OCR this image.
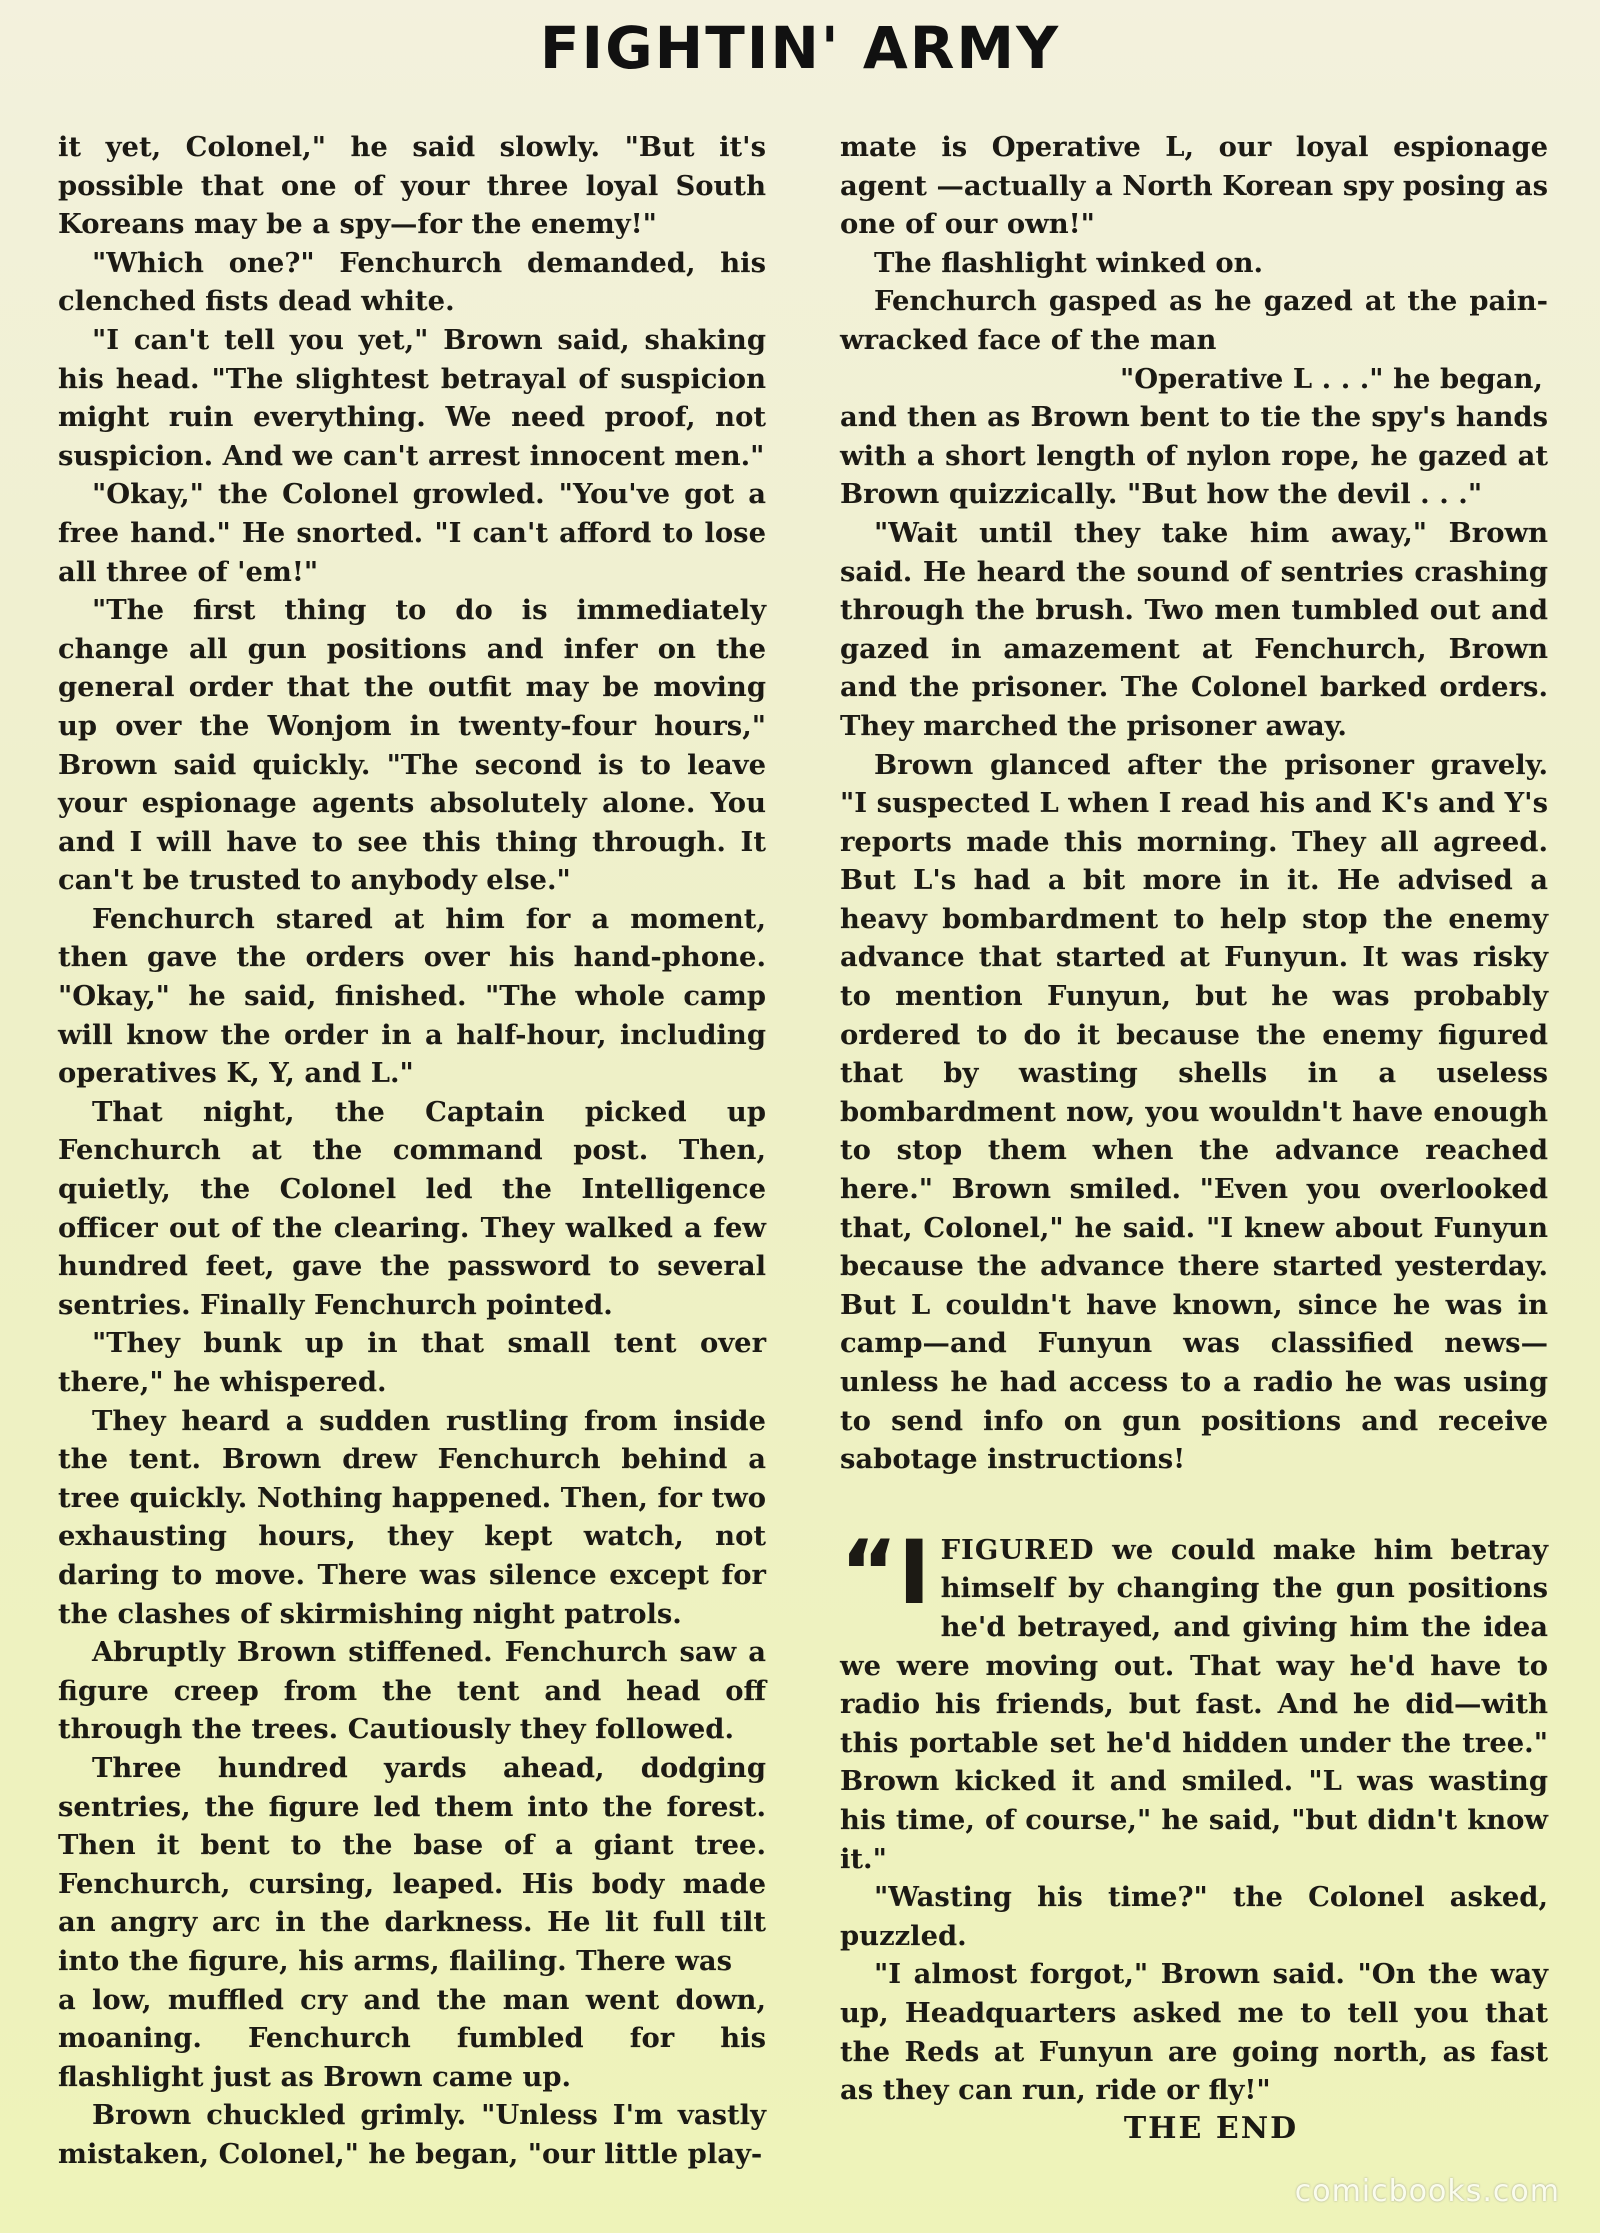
FIGHTIN' ARMY

it yet, Colonel," he said slowly. "But it's possible that one of your three loyal South Koreans may be a spy—for the enemy!"

"Which one?" Fenchurch demanded, his clenched fists dead white.

"I can't tell you yet," Brown said, shaking his head. "The slightest betrayal of suspicion might ruin everything. We need proof, not suspicion. And we can't arrest innocent men."

"Okay," the Colonel growled. "You've got a free hand." He snorted. "I can't afford to lose all three of 'em!"

"The first thing to do is immediately change all gun positions and infer on the general order that the outfit may be moving up over the Wonjom in twenty-four hours," Brown said quickly. "The second is to leave your espionage agents absolutely alone. You and I will have to see this thing through. It can't be trusted to anybody else."

Fenchurch stared at him for a moment, then gave the orders over his hand-phone. "Okay," he said, finished. "The whole camp will know the order in a half-hour, including operatives K, Y, and L."

That night, the Captain picked up Fenchurch at the command post. Then, quietly, the Colonel led the Intelligence officer out of the clearing. They walked a few hundred feet, gave the password to several sentries. Finally Fenchurch pointed.

"They bunk up in that small tent over there," he whispered.

They heard a sudden rustling from inside the tent. Brown drew Fenchurch behind a tree quickly. Nothing happened. Then, for two exhausting hours, they kept watch, not daring to move. There was silence except for the clashes of skirmishing night patrols.

Abruptly Brown stiffened. Fenchurch saw a figure creep from the tent and head off through the trees. Cautiously they followed.

Three hundred yards ahead, dodging sentries, the figure led them into the forest. Then it bent to the base of a giant tree. Fenchurch, cursing, leaped. His body made an angry arc in the darkness. He lit full tilt into the figure, his arms, flailing. There was

a low, muffled cry and the man went down, moaning. Fenchurch fumbled for his flashlight just as Brown came up.

Brown chuckled grimly. "Unless I'm vastly mistaken, Colonel," he began, "our little play-

mate is Operative L, our loyal espionage agent —actually a North Korean spy posing as one of our own!"

The flashlight winked on.

Fenchurch gasped as he gazed at the pain-wracked face of the man

"Operative L . . ." he began,

and then as Brown bent to tie the spy's hands with a short length of nylon rope, he gazed at Brown quizzically. "But how the devil . . ."

"Wait until they take him away," Brown said. He heard the sound of sentries crashing through the brush. Two men tumbled out and gazed in amazement at Fenchurch, Brown and the prisoner. The Colonel barked orders. They marched the prisoner away.

Brown glanced after the prisoner gravely. "I suspected L when I read his and K's and Y's reports made this morning. They all agreed. But L's had a bit more in it. He advised a heavy bombardment to help stop the enemy advance that started at Funyun. It was risky to mention Funyun, but he was probably ordered to do it because the enemy figured that by wasting shells in a useless bombardment now, you wouldn't have enough to stop them when the advance reached here." Brown smiled. "Even you overlooked that, Colonel," he said. "I knew about Funyun because the advance there started yesterday. But L couldn't have known, since he was in camp—and Funyun was classified news—unless he had access to a radio he was using to send info on gun positions and receive sabotage instructions!

“I FIGURED we could make him betray himself by changing the gun positions he'd betrayed, and giving him the idea we were moving out. That way he'd have to radio his friends, but fast. And he did—with this portable set he'd hidden under the tree." Brown kicked it and smiled. "L was wasting his time, of course," he said, "but didn't know it."

"Wasting his time?" the Colonel asked, puzzled.

"I almost forgot," Brown said. "On the way up, Headquarters asked me to tell you that the Reds at Funyun are going north, as fast as they can run, ride or fly!"

THE END

comicbooks.com
